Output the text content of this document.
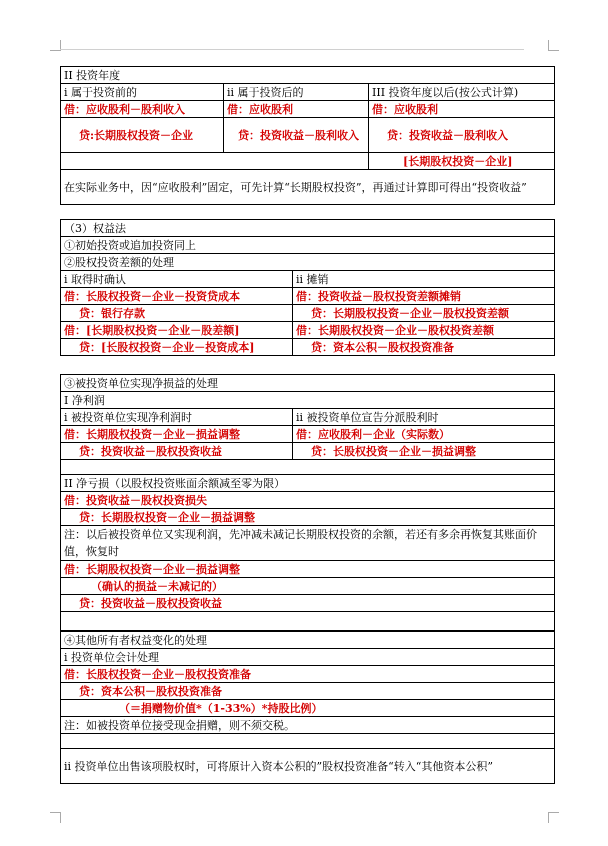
II 投资年度		
i 属于投资前的	ii 属于投资后的	III 投资年度以后(按公式计算)
借：应收股利－股利收入	借：应收股利	借：应收股利
贷:长期股权投资－企业	贷：投资收益－股利收入	贷：投资收益－股利收入
		[长期股权投资－企业]
在实际业务中，因“应收股利”固定，可先计算“长期股权投资”，再通过计算即可得出“投资收益”		
（3）权益法	
①初始投资或追加投资同上	
②股权投资差额的处理	
i 取得时确认	ii 摊销
借：长股权投资－企业－投资贷成本	借：投资收益－股权投资差额摊销
贷：银行存款	贷：长期股权投资－企业－股权投资差额
借：[长期股权投资－企业－股差额]	借：长期股权投资－企业－股权投资差额
贷：[长股权投资－企业－投资成本]	贷：资本公积－股权投资准备
③被投资单位实现净损益的处理	
I 净利润	
i 被投资单位实现净利润时	ii 被投资单位宣告分派股利时
借：长期股权投资－企业－损益调整	借：应收股利－企业（实际数）
贷：投资收益－股权投资收益	贷：长股权投资－企业－损益调整

II 净亏损（以股权投资账面余额减至零为限）	
借：投资收益－股权投资损失	
贷：长期股权投资－企业－损益调整	
注：以后被投资单位又实现利润，先冲减未减记长期股权投资的余额，若还有多余再恢复其账面价值，恢复时	
借：长期股权投资－企业－损益调整	
（确认的损益－未减记的）	
贷：投资收益－股权投资收益	

④其他所有者权益变化的处理
i 投资单位会计处理
借：长股权投资－企业－股权投资准备
贷：资本公积－股权投资准备
（＝捐赠物价值*（1-33%）*持股比例）
注：如被投资单位接受现金捐赠，则不须交税。

ii 投资单位出售该项股权时，可将原计入资本公积的”股权投资准备“转入“其他资本公积”
